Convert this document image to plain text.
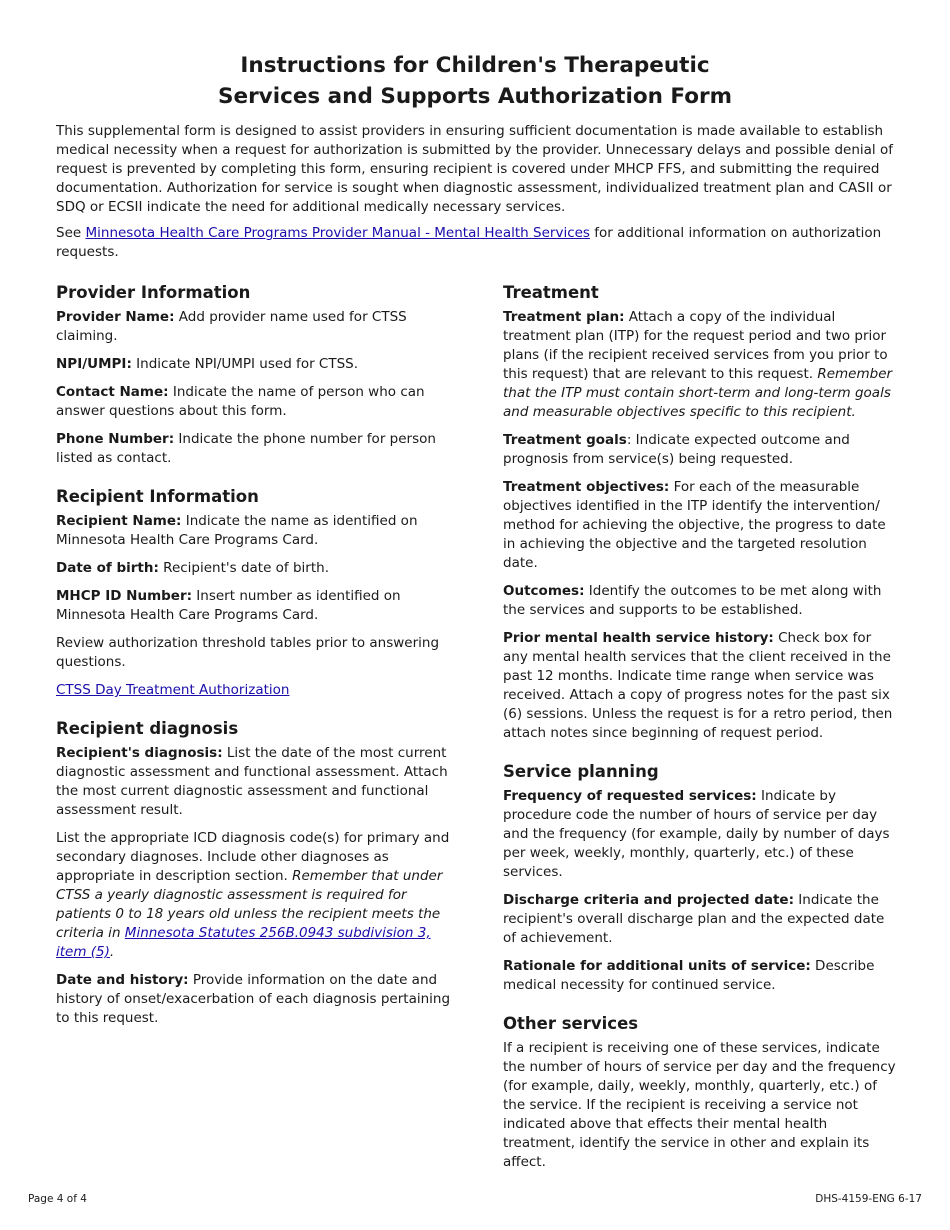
Instructions for Children's Therapeutic
Services and Supports Authorization Form

This supplemental form is designed to assist providers in ensuring sufficient documentation is made available to establish medical necessity when a request for authorization is submitted by the provider. Unnecessary delays and possible denial of request is prevented by completing this form, ensuring recipient is covered under MHCP FFS, and submitting the required documentation. Authorization for service is sought when diagnostic assessment, individualized treatment plan and CASII or SDQ or ECSII indicate the need for additional medically necessary services.

See Minnesota Health Care Programs Provider Manual - Mental Health Services for additional information on authorization requests.

Provider Information

Provider Name: Add provider name used for CTSS claiming.

NPI/UMPI: Indicate NPI/UMPI used for CTSS.

Contact Name: Indicate the name of person who can answer questions about this form.

Phone Number: Indicate the phone number for person listed as contact.

Recipient Information

Recipient Name: Indicate the name as identified on Minnesota Health Care Programs Card.

Date of birth: Recipient's date of birth.

MHCP ID Number: Insert number as identified on Minnesota Health Care Programs Card.

Review authorization threshold tables prior to answering questions.

CTSS Day Treatment Authorization

Recipient diagnosis

Recipient's diagnosis: List the date of the most current diagnostic assessment and functional assessment. Attach the most current diagnostic assessment and functional assessment result.

List the appropriate ICD diagnosis code(s) for primary and secondary diagnoses. Include other diagnoses as appropriate in description section. Remember that under CTSS a yearly diagnostic assessment is required for patients 0 to 18 years old unless the recipient meets the criteria in Minnesota Statutes 256B.0943 subdivision 3, item (5).

Date and history: Provide information on the date and history of onset/exacerbation of each diagnosis pertaining to this request.

Treatment

Treatment plan: Attach a copy of the individual treatment plan (ITP) for the request period and two prior plans (if the recipient received services from you prior to this request) that are relevant to this request. Remember that the ITP must contain short-term and long-term goals and measurable objectives specific to this recipient.

Treatment goals: Indicate expected outcome and prognosis from service(s) being requested.

Treatment objectives: For each of the measurable objectives identified in the ITP identify the intervention/ method for achieving the objective, the progress to date in achieving the objective and the targeted resolution date.

Outcomes: Identify the outcomes to be met along with the services and supports to be established.

Prior mental health service history: Check box for any mental health services that the client received in the past 12 months. Indicate time range when service was received. Attach a copy of progress notes for the past six (6) sessions. Unless the request is for a retro period, then attach notes since beginning of request period.

Service planning

Frequency of requested services: Indicate by procedure code the number of hours of service per day and the frequency (for example, daily by number of days per week, weekly, monthly, quarterly, etc.) of these services.

Discharge criteria and projected date: Indicate the recipient's overall discharge plan and the expected date of achievement.

Rationale for additional units of service: Describe medical necessity for continued service.

Other services

If a recipient is receiving one of these services, indicate the number of hours of service per day and the frequency (for example, daily, weekly, monthly, quarterly, etc.) of the service. If the recipient is receiving a service not indicated above that effects their mental health treatment, identify the service in other and explain its affect.

Page 4 of 4	DHS-4159-ENG 6-17
